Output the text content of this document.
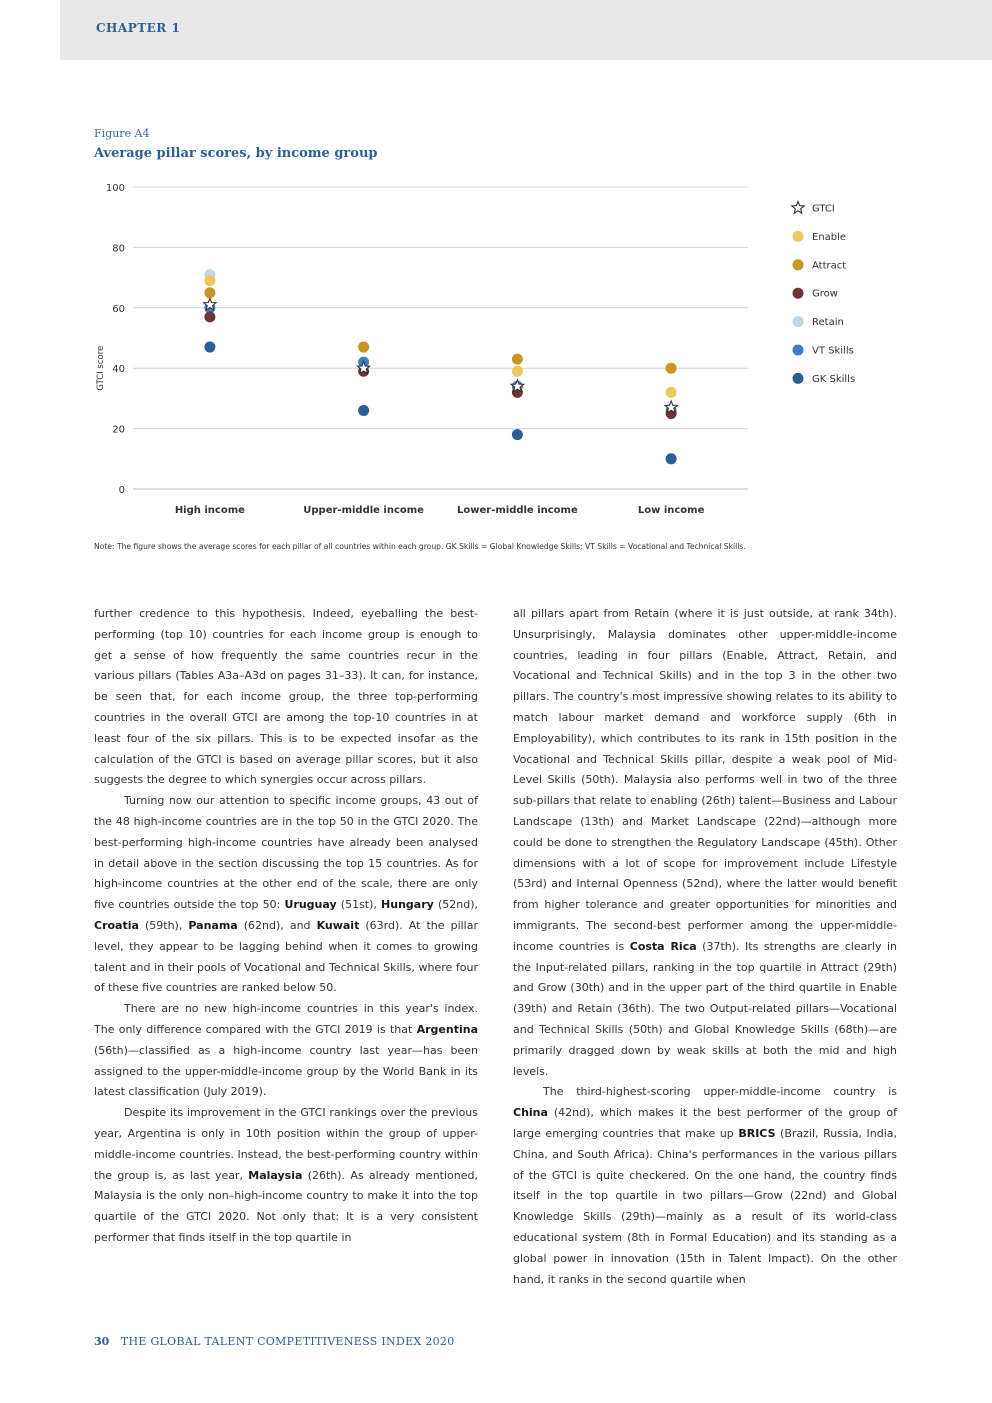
CHAPTER 1
Figure A4
Average pillar scores, by income group
0
20
40
60
80
100
GTCI score
High income	Upper-middle income	Lower-middle income	Low income
GTCI
Enable
Attract
Grow
Retain
VT Skills
GK Skills
Note: The figure shows the average scores for each pillar of all countries within each group. GK Skills = Global Knowledge Skills; VT Skills = Vocational and Technical Skills.

further credence to this hypothesis. Indeed, eyeballing the best-performing (top 10) countries for each income group is enough to get a sense of how frequently the same countries recur in the various pillars (Tables A3a–A3d on pages 31–33). It can, for instance, be seen that, for each income group, the three top-performing countries in the overall GTCI are among the top-10 countries in at least four of the six pillars. This is to be expected insofar as the calculation of the GTCI is based on average pillar scores, but it also suggests the degree to which synergies occur across pillars.

Turning now our attention to specific income groups, 43 out of the 48 high-income countries are in the top 50 in the GTCI 2020. The best-performing high-income countries have already been analysed in detail above in the section discussing the top 15 countries. As for high-income countries at the other end of the scale, there are only five countries outside the top 50: Uruguay (51st), Hungary (52nd), Croatia (59th), Panama (62nd), and Kuwait (63rd). At the pillar level, they appear to be lagging behind when it comes to growing talent and in their pools of Vocational and Technical Skills, where four of these five countries are ranked below 50.

There are no new high-income countries in this year's index. The only difference compared with the GTCI 2019 is that Argentina (56th)—classified as a high-income country last year—has been assigned to the upper-middle-income group by the World Bank in its latest classification (July 2019).

Despite its improvement in the GTCI rankings over the previous year, Argentina is only in 10th position within the group of upper-middle-income countries. Instead, the best-performing country within the group is, as last year, Malaysia (26th). As already mentioned, Malaysia is the only non–high-income country to make it into the top quartile of the GTCI 2020. Not only that: It is a very consistent performer that finds itself in the top quartile in

all pillars apart from Retain (where it is just outside, at rank 34th). Unsurprisingly, Malaysia dominates other upper-middle-income countries, leading in four pillars (Enable, Attract, Retain, and Vocational and Technical Skills) and in the top 3 in the other two pillars. The country's most impressive showing relates to its ability to match labour market demand and workforce supply (6th in Employability), which contributes to its rank in 15th position in the Vocational and Technical Skills pillar, despite a weak pool of Mid-Level Skills (50th). Malaysia also performs well in two of the three sub-pillars that relate to enabling (26th) talent—Business and Labour Landscape (13th) and Market Landscape (22nd)—although more could be done to strengthen the Regulatory Landscape (45th). Other dimensions with a lot of scope for improvement include Lifestyle (53rd) and Internal Openness (52nd), where the latter would benefit from higher tolerance and greater opportunities for minorities and immigrants. The second-best performer among the upper-middle-income countries is Costa Rica (37th). Its strengths are clearly in the Input-related pillars, ranking in the top quartile in Attract (29th) and Grow (30th) and in the upper part of the third quartile in Enable (39th) and Retain (36th). The two Output-related pillars—Vocational and Technical Skills (50th) and Global Knowledge Skills (68th)—are primarily dragged down by weak skills at both the mid and high levels.

The third-highest-scoring upper-middle-income country is China (42nd), which makes it the best performer of the group of large emerging countries that make up BRICS (Brazil, Russia, India, China, and South Africa). China's performances in the various pillars of the GTCI is quite checkered. On the one hand, the country finds itself in the top quartile in two pillars—Grow (22nd) and Global Knowledge Skills (29th)—mainly as a result of its world-class educational system (8th in Formal Education) and its standing as a global power in innovation (15th in Talent Impact). On the other hand, it ranks in the second quartile when

30 THE GLOBAL TALENT COMPETITIVENESS INDEX 2020
